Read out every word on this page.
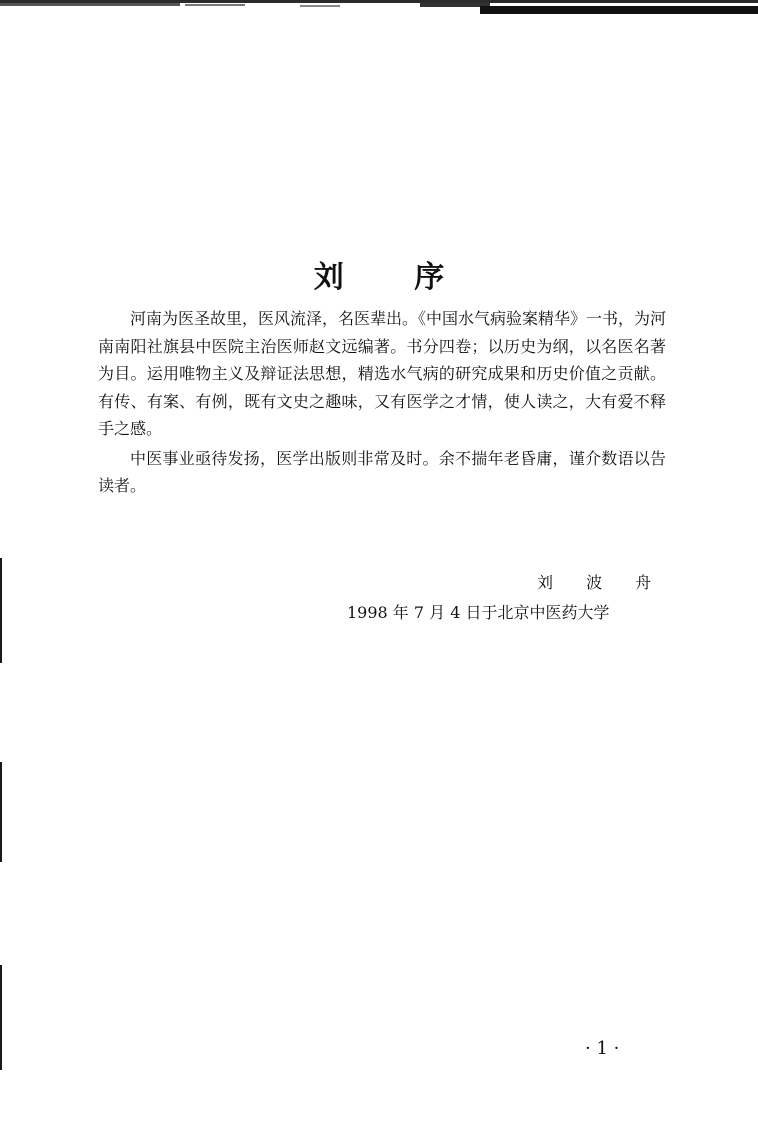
刘 序

河南为医圣故里，医风流泽，名医辈出。《中国水气病验案精华》一书，为河南南阳社旗县中医院主治医师赵文远编著。书分四卷；以历史为纲，以名医名著为目。运用唯物主义及辩证法思想，精选水气病的研究成果和历史价值之贡献。有传、有案、有例，既有文史之趣味，又有医学之才情，使人读之，大有爱不释手之感。

中医事业亟待发扬，医学出版则非常及时。余不揣年老昏庸，谨介数语以告读者。

刘 波 舟
1998 年 7 月 4 日于北京中医药大学
· 1 ·
